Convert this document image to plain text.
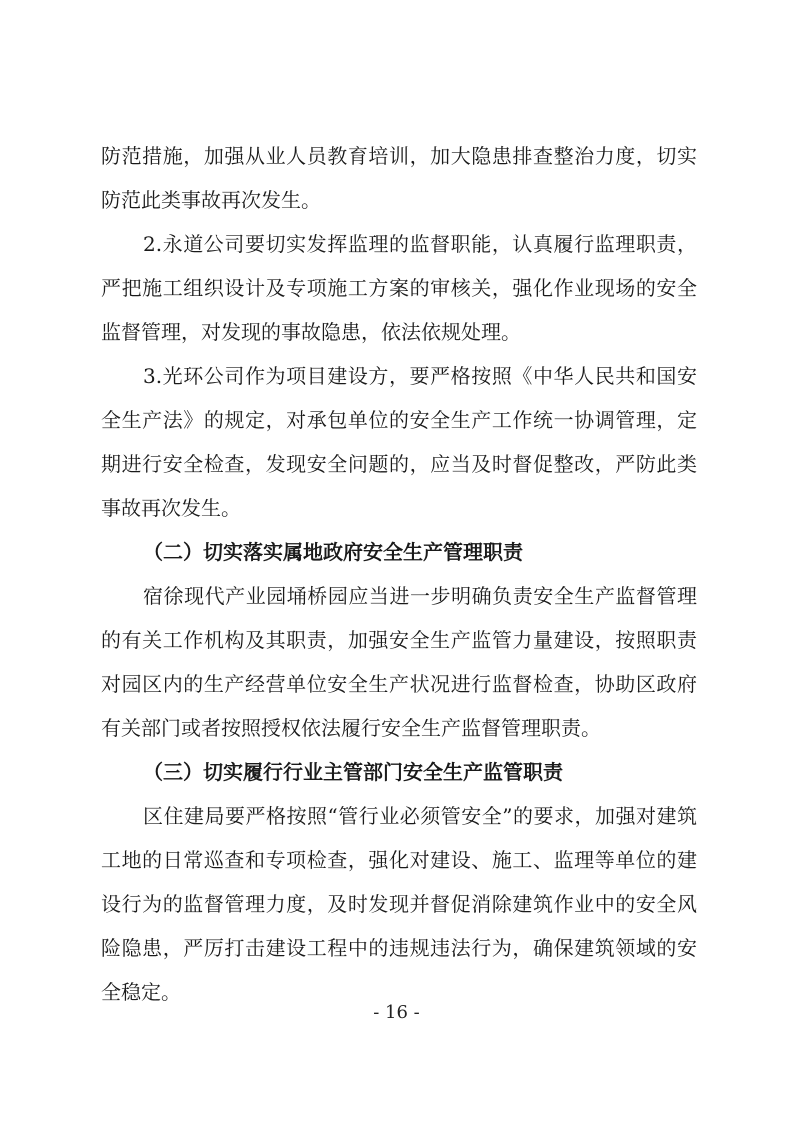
防范措施，加强从业人员教育培训，加大隐患排查整治力度，切实防范此类事故再次发生。

2.永道公司要切实发挥监理的监督职能，认真履行监理职责，严把施工组织设计及专项施工方案的审核关，强化作业现场的安全监督管理，对发现的事故隐患，依法依规处理。

3.光环公司作为项目建设方，要严格按照《中华人民共和国安全生产法》的规定，对承包单位的安全生产工作统一协调管理，定期进行安全检查，发现安全问题的，应当及时督促整改，严防此类事故再次发生。

（二）切实落实属地政府安全生产管理职责

宿徐现代产业园埇桥园应当进一步明确负责安全生产监督管理的有关工作机构及其职责，加强安全生产监管力量建设，按照职责对园区内的生产经营单位安全生产状况进行监督检查，协助区政府有关部门或者按照授权依法履行安全生产监督管理职责。

（三）切实履行行业主管部门安全生产监管职责

区住建局要严格按照“管行业必须管安全”的要求，加强对建筑工地的日常巡查和专项检查，强化对建设、施工、监理等单位的建设行为的监督管理力度，及时发现并督促消除建筑作业中的安全风险隐患，严厉打击建设工程中的违规违法行为，确保建筑领域的安全稳定。

- 16 -
